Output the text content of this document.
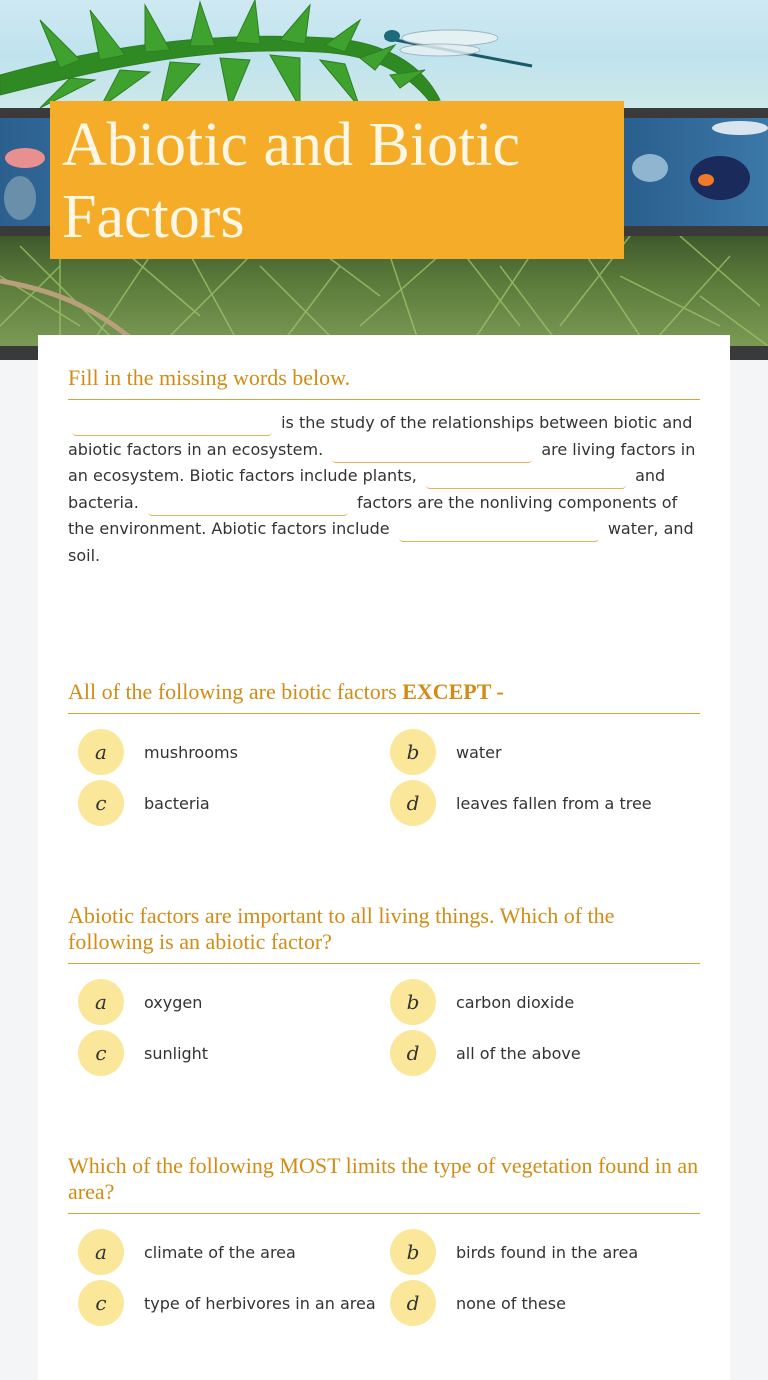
Abiotic and Biotic
Factors
Fill in the missing words below.
is the study of the relationships between biotic and abiotic factors in an ecosystem.	are living factors in an ecosystem. Biotic factors include plants,	and bacteria.	factors are the nonliving components of the environment. Abiotic factors include	water, and soil.
All of the following are biotic factors EXCEPT -
a	mushrooms	b	water
c	bacteria	d	leaves fallen from a tree
Abiotic factors are important to all living things. Which of the following is an abiotic factor?
a	oxygen	b	carbon dioxide
c	sunlight	d	all of the above
Which of the following MOST limits the type of vegetation found in an area?
a	climate of the area	b	birds found in the area
c	type of herbivores in an area	d	none of these
